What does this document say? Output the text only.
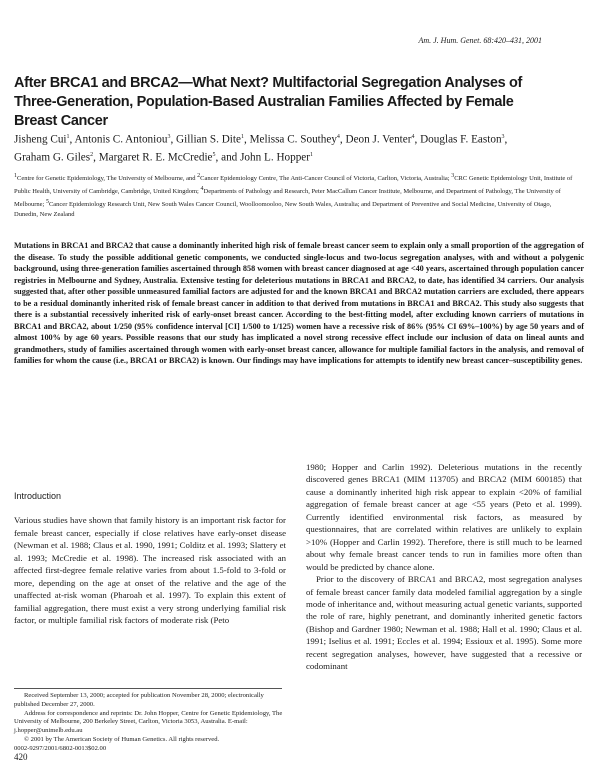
Am. J. Hum. Genet. 68:420–431, 2001
After BRCA1 and BRCA2—What Next? Multifactorial Segregation Analyses of Three-Generation, Population-Based Australian Families Affected by Female Breast Cancer
Jisheng Cui$^1$, Antonis C. Antoniou$^3$, Gillian S. Dite$^1$, Melissa C. Southey$^4$, Deon J. Venter$^4$, Douglas F. Easton$^3$, Graham G. Giles$^2$, Margaret R. E. McCredie$^5$, and John L. Hopper$^1$
$^1$Centre for Genetic Epidemiology, The University of Melbourne, and $^2$Cancer Epidemiology Centre, The Anti-Cancer Council of Victoria, Carlton, Victoria, Australia; $^3$CRC Genetic Epidemiology Unit, Institute of Public Health, University of Cambridge, Cambridge, United Kingdom; $^4$Departments of Pathology and Research, Peter MacCallum Cancer Institute, Melbourne, and Department of Pathology, The University of Melbourne; $^5$Cancer Epidemiology Research Unit, New South Wales Cancer Council, Woolloomooloo, New South Wales, Australia; and Department of Preventive and Social Medicine, University of Otago, Dunedin, New Zealand
Mutations in BRCA1 and BRCA2 that cause a dominantly inherited high risk of female breast cancer seem to explain only a small proportion of the aggregation of the disease. To study the possible additional genetic components, we conducted single-locus and two-locus segregation analyses, with and without a polygenic background, using three-generation families ascertained through 858 women with breast cancer diagnosed at age <40 years, ascertained through population cancer registries in Melbourne and Sydney, Australia. Extensive testing for deleterious mutations in BRCA1 and BRCA2, to date, has identified 34 carriers. Our analysis suggested that, after other possible unmeasured familial factors are adjusted for and the known BRCA1 and BRCA2 mutation carriers are excluded, there appears to be a residual dominantly inherited risk of female breast cancer in addition to that derived from mutations in BRCA1 and BRCA2. This study also suggests that there is a substantial recessively inherited risk of early-onset breast cancer. According to the best-fitting model, after excluding known carriers of mutations in BRCA1 and BRCA2, about 1/250 (95% confidence interval [CI] 1/500 to 1/125) women have a recessive risk of 86% (95% CI 69%–100%) by age 50 years and of almost 100% by age 60 years. Possible reasons that our study has implicated a novel strong recessive effect include our inclusion of data on lineal aunts and grandmothers, study of families ascertained through women with early-onset breast cancer, allowance for multiple familial factors in the analysis, and removal of families for whom the cause (i.e., BRCA1 or BRCA2) is known. Our findings may have implications for attempts to identify new breast cancer–susceptibility genes.
Introduction

Various studies have shown that family history is an important risk factor for female breast cancer, especially if close relatives have early-onset disease (Newman et al. 1988; Claus et al. 1990, 1991; Colditz et al. 1993; Slattery et al. 1993; McCredie et al. 1998). The increased risk associated with an affected first-degree female relative varies from about 1.5-fold to 3-fold or more, depending on the age at onset of the relative and the age of the unaffected at-risk woman (Pharoah et al. 1997). To explain this extent of familial aggregation, there must exist a very strong underlying familial risk factor, or multiple familial risk factors of moderate risk (Peto

1980; Hopper and Carlin 1992). Deleterious mutations in the recently discovered genes BRCA1 (MIM 113705) and BRCA2 (MIM 600185) that cause a dominantly inherited high risk appear to explain <20% of familial aggregation of female breast cancer at age <55 years (Peto et al. 1999). Currently identified environmental risk factors, as measured by questionnaires, that are correlated within relatives are unlikely to explain >10% (Hopper and Carlin 1992). Therefore, there is still much to be learned about why female breast cancer tends to run in families more often than would be predicted by chance alone.

Prior to the discovery of BRCA1 and BRCA2, most segregation analyses of female breast cancer family data modeled familial aggregation by a single mode of inheritance and, without measuring actual genetic variants, supported the role of rare, highly penetrant, and dominantly inherited genetic factors (Bishop and Gardner 1980; Newman et al. 1988; Hall et al. 1990; Claus et al. 1991; Iselius et al. 1991; Eccles et al. 1994; Essioux et al. 1995). Some more recent segregation analyses, however, have suggested that a recessive or codominant

Received September 13, 2000; accepted for publication November 28, 2000; electronically published December 27, 2000.

Address for correspondence and reprints: Dr. John Hopper, Centre for Genetic Epidemiology, The University of Melbourne, 200 Berkeley Street, Carlton, Victoria 3053, Australia. E-mail: j.hopper@unimelb.edu.au

© 2001 by The American Society of Human Genetics. All rights reserved.

0002-9297/2001/6802-0013$02.00

420
